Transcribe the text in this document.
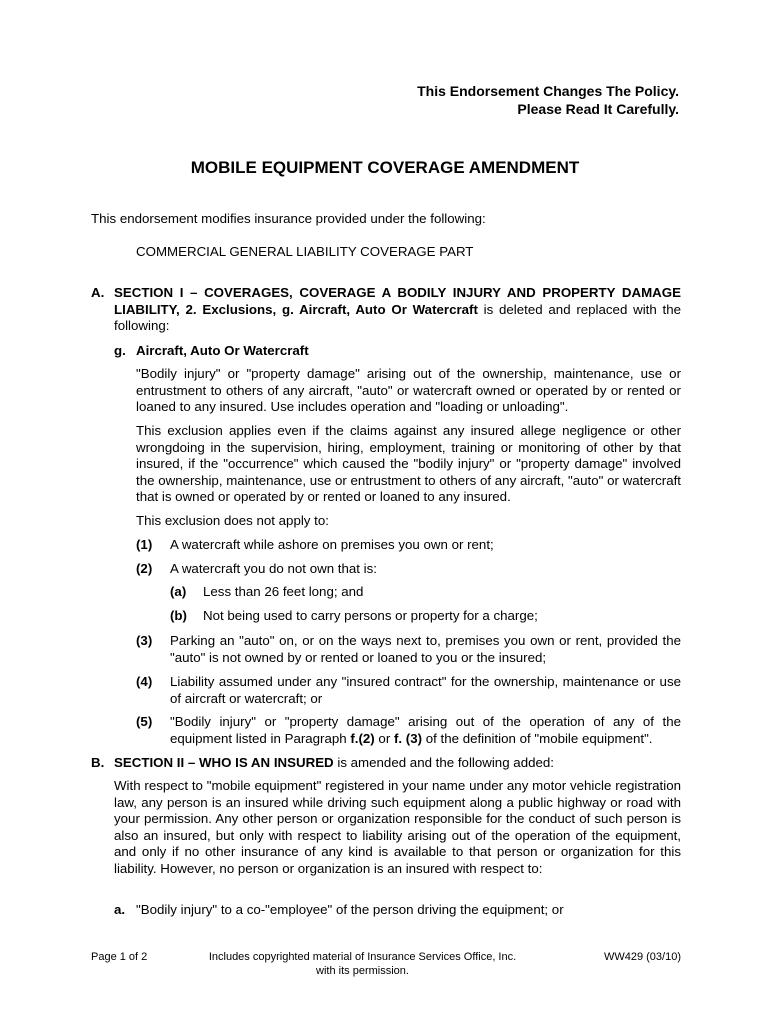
This Endorsement Changes The Policy.
Please Read It Carefully.
MOBILE EQUIPMENT COVERAGE AMENDMENT
This endorsement modifies insurance provided under the following:
COMMERCIAL GENERAL LIABILITY COVERAGE PART
A. SECTION I – COVERAGES, COVERAGE A BODILY INJURY AND PROPERTY DAMAGE LIABILITY, 2. Exclusions, g. Aircraft, Auto Or Watercraft is deleted and replaced with the following:
g. Aircraft, Auto Or Watercraft
"Bodily injury" or "property damage" arising out of the ownership, maintenance, use or entrustment to others of any aircraft, "auto" or watercraft owned or operated by or rented or loaned to any insured. Use includes operation and "loading or unloading".
This exclusion applies even if the claims against any insured allege negligence or other wrongdoing in the supervision, hiring, employment, training or monitoring of other by that insured, if the "occurrence" which caused the "bodily injury" or "property damage" involved the ownership, maintenance, use or entrustment to others of any aircraft, "auto" or watercraft that is owned or operated by or rented or loaned to any insured.
This exclusion does not apply to:
(1) A watercraft while ashore on premises you own or rent;
(2) A watercraft you do not own that is:
(a) Less than 26 feet long; and
(b) Not being used to carry persons or property for a charge;
(3) Parking an "auto" on, or on the ways next to, premises you own or rent, provided the "auto" is not owned by or rented or loaned to you or the insured;
(4) Liability assumed under any "insured contract" for the ownership, maintenance or use of aircraft or watercraft; or
(5) "Bodily injury" or "property damage" arising out of the operation of any of the equipment listed in Paragraph f.(2) or f. (3) of the definition of "mobile equipment".
B. SECTION II – WHO IS AN INSURED is amended and the following added:
With respect to "mobile equipment" registered in your name under any motor vehicle registration law, any person is an insured while driving such equipment along a public highway or road with your permission. Any other person or organization responsible for the conduct of such person is also an insured, but only with respect to liability arising out of the operation of the equipment, and only if no other insurance of any kind is available to that person or organization for this liability. However, no person or organization is an insured with respect to:
a. "Bodily injury" to a co-"employee" of the person driving the equipment; or
Page 1 of 2	Includes copyrighted material of Insurance Services Office, Inc.
with its permission.
WW429 (03/10)
